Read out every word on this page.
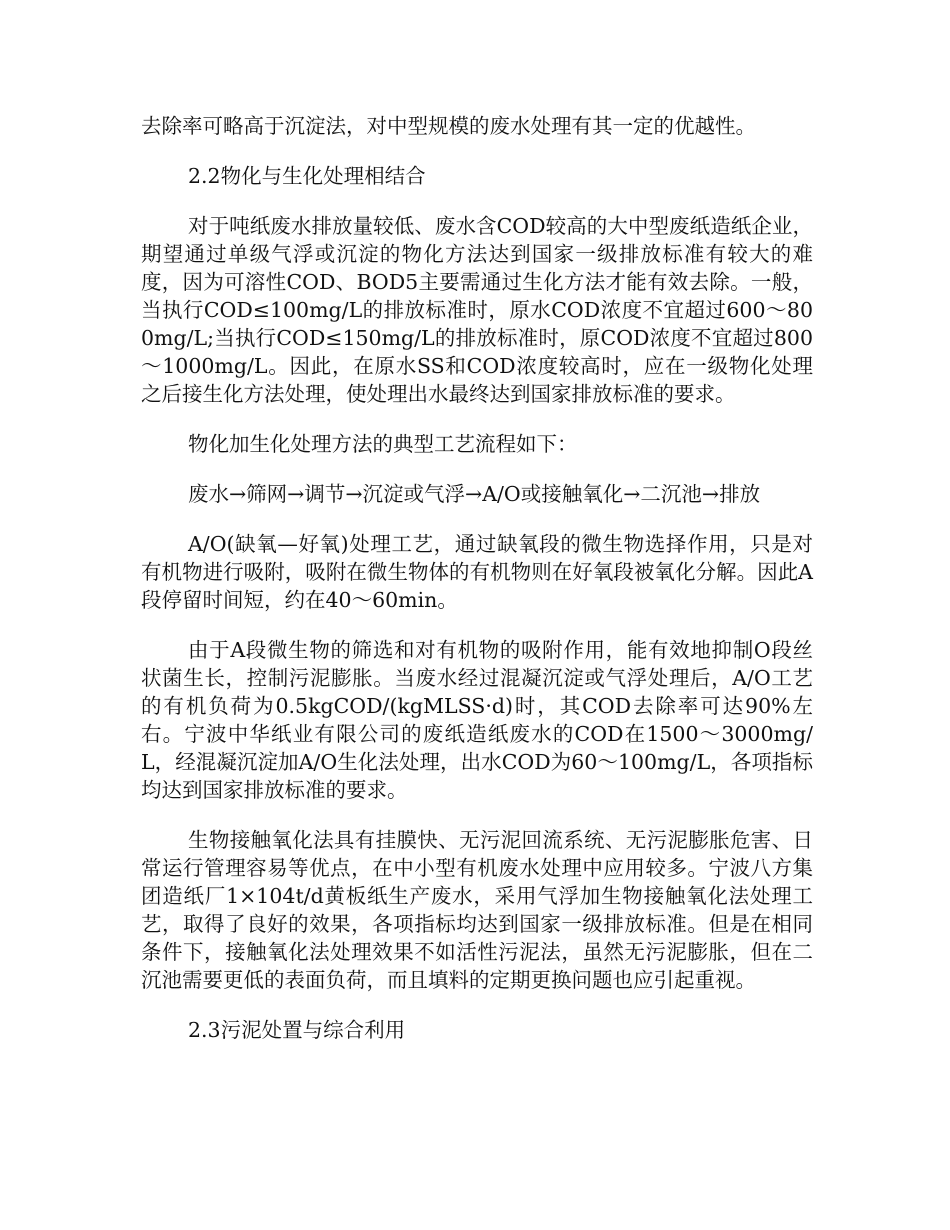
去除率可略高于沉淀法，对中型规模的废水处理有其一定的优越性。

2.2物化与生化处理相结合

对于吨纸废水排放量较低、废水含COD较高的大中型废纸造纸企业，期望通过单级气浮或沉淀的物化方法达到国家一级排放标准有较大的难度，因为可溶性COD、BOD5主要需通过生化方法才能有效去除。一般，当执行COD≤100mg/L的排放标准时，原水COD浓度不宜超过600～800mg/L;当执行COD≤150mg/L的排放标准时，原COD浓度不宜超过800～1000mg/L。因此，在原水SS和COD浓度较高时，应在一级物化处理之后接生化方法处理，使处理出水最终达到国家排放标准的要求。

物化加生化处理方法的典型工艺流程如下：

废水→筛网→调节→沉淀或气浮→A/O或接触氧化→二沉池→排放

A/O(缺氧—好氧)处理工艺，通过缺氧段的微生物选择作用，只是对有机物进行吸附，吸附在微生物体的有机物则在好氧段被氧化分解。因此A段停留时间短，约在40～60min。

由于A段微生物的筛选和对有机物的吸附作用，能有效地抑制O段丝状菌生长，控制污泥膨胀。当废水经过混凝沉淀或气浮处理后，A/O工艺的有机负荷为0.5kgCOD/(kgMLSS·d)时，其COD去除率可达90%左右。宁波中华纸业有限公司的废纸造纸废水的COD在1500～3000mg/L，经混凝沉淀加A/O生化法处理，出水COD为60～100mg/L，各项指标均达到国家排放标准的要求。

生物接触氧化法具有挂膜快、无污泥回流系统、无污泥膨胀危害、日常运行管理容易等优点，在中小型有机废水处理中应用较多。宁波八方集团造纸厂1×104t/d黄板纸生产废水，采用气浮加生物接触氧化法处理工艺，取得了良好的效果，各项指标均达到国家一级排放标准。但是在相同条件下，接触氧化法处理效果不如活性污泥法，虽然无污泥膨胀，但在二沉池需要更低的表面负荷，而且填料的定期更换问题也应引起重视。

2.3污泥处置与综合利用
